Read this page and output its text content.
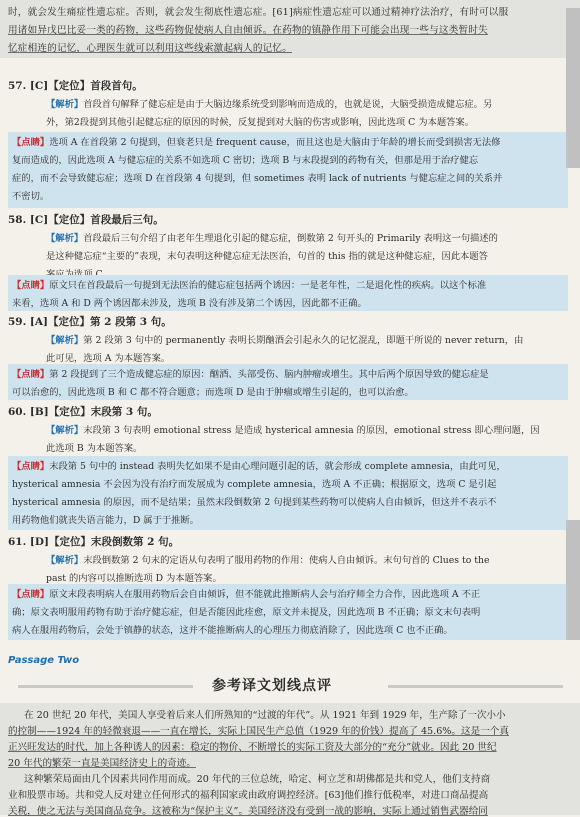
时，就会发生痛症性遗忘症。否则，就会发生彻底性遗忘症。[61]病症性遗忘症可以通过精神疗法治疗，有时可以服
用诸如异戊巴比妥一类的药物，这些药物促使病人自由倾诉。在药物的镇静作用下可能会出现一些与这类暂时失
忆症相连的记忆，心理医生就可以利用这些线索激起病人的记忆。
57. [C]【定位】首段首句。
【解析】首段首句解释了健忘症是由于大脑边缘系统受到影响而造成的，也就是说，大脑受损造成健忘症。另
外，第2段提到其他引起健忘症的原因的时候，反复提到对大脑的伤害或影响，因此选项 C 为本题答案。
【点睛】选项 A 在首段第 2 句提到，但衰老只是 frequent cause，而且这也是大脑由于年龄的增长而受到损害无法修
复而造成的，因此选项 A 与健忘症的关系不如选项 C 密切；选项 B 与末段提到的药物有关，但那是用于治疗健忘
症的，而不会导致健忘症；选项 D 在首段第 4 句提到，但 sometimes 表明 lack of nutrients 与健忘症之间的关系并
不密切。
58. [C]【定位】首段最后三句。
【解析】首段最后三句介绍了由老年生理退化引起的健忘症，倒数第 2 句开头的 Primarily 表明这一句描述的
是这种健忘症“主要的”表现，末句表明这种健忘症无法医治，句首的 this 指的就是这种健忘症，因此本题答
【点睛】原文只在首段最后一句提到无法医治的健忘症包括两个诱因：一是老年性，二是退化性的疾病。以这个标准
来看，选项 A 和 D 两个诱因都未涉及，选项 B 没有涉及第二个诱因，因此都不正确。
59. [A]【定位】第 2 段第 3 句。
【解析】第 2 段第 3 句中的 permanently 表明长期酗酒会引起永久的记忆混乱，即题干所说的 never return，由
此可见，选项 A 为本题答案。
【点睛】第 2 段提到了三个造成健忘症的原因：酗酒、头部受伤、脑内肿瘤或增生。其中后两个原因导致的健忘症是
可以治愈的，因此选项 B 和 C 都不符合题意；而选项 D 是由于肿瘤或增生引起的，也可以治愈。
60. [B]【定位】末段第 3 句。
【解析】末段第 3 句表明 emotional stress 是造成 hysterical amnesia 的原因，emotional stress 即心理问题，因
此选项 B 为本题答案。
【点睛】末段第 5 句中的 instead 表明失忆如果不是由心理问题引起的话，就会形成 complete amnesia，由此可见，
hysterical amnesia 不会因为没有治疗而发展成为 complete amnesia，选项 A 不正确；根据原文，选项 C 是引起
hysterical amnesia 的原因，而不是结果；虽然末段倒数第 2 句提到某些药物可以使病人自由倾诉，但这并不表示不
用药物他们就丧失语言能力，D 属于于推断。
61. [D]【定位】末段倒数第 2 句。
【解析】末段倒数第 2 句末的定语从句表明了服用药物的作用：使病人自由倾诉。末句句首的 Clues to the
past 的内容可以推断选项 D 为本题答案。
【点睛】原文末段表明病人在服用药物后会自由倾诉，但不能就此推断病人会与治疗师全力合作，因此选项 A 不正
确；原文表明服用药物有助于治疗健忘症，但是否能因此痊愈，原文并未提及，因此选项 B 不正确；原文末句表明
病人在服用药物后，会处于镇静的状态，这并不能推断病人的心理压力彻底消除了，因此选项 C 也不正确。
Passage Two
参考译文划线点评
在 20 世纪 20 年代，美国人享受着后来人们所熟知的“过渡的年代”。从 1921 年到 1929 年，生产除了一次小小
的控制——1924 年的轻微衰退——一直在增长，实际上国民生产总值（1929 年的价钱）提高了 45.6%。这是一个真
正兴旺发达的时代，加上各种诱人的因素：稳定的物价、不断增长的实际工资及大部分的“充分”就业。因此 20 世纪
20 年代的繁荣一直是美国经济史上的奇迹。
这种繁荣局面由几个因素共同作用而成。20 年代的三位总统，哈定、柯立芝和胡佛都是共和党人，他们支持商
业和股票市场。共和党人反对建立任何形式的福利国家或由政府调控经济。[63]他们推行低税率，对进口商品提高
关税，使之无法与美国商品竞争。这被称为“保护主义”。美国经济没有受到一战的影响，实际上通过销售武器给同
